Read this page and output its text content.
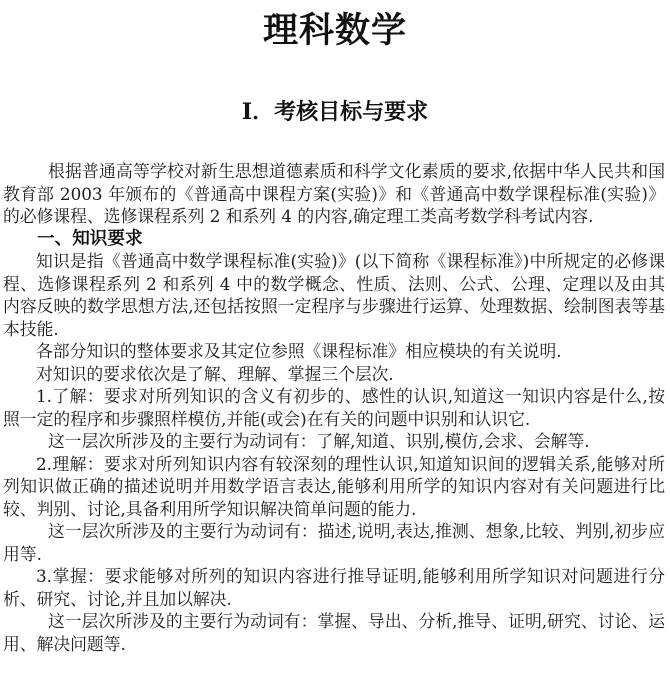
理科数学
Ⅰ．考核目标与要求

根据普通高等学校对新生思想道德素质和科学文化素质的要求,依据中华人民共和国教育部 2003 年颁布的《普通高中课程方案(实验)》和《普通高中数学课程标准(实验)》的必修课程、选修课程系列 2 和系列 4 的内容,确定理工类高考数学科考试内容.

一、知识要求

知识是指《普通高中数学课程标准(实验)》(以下简称《课程标准》)中所规定的必修课程、选修课程系列 2 和系列 4 中的数学概念、性质、法则、公式、公理、定理以及由其内容反映的数学思想方法,还包括按照一定程序与步骤进行运算、处理数据、绘制图表等基本技能.

各部分知识的整体要求及其定位参照《课程标准》相应模块的有关说明.

对知识的要求依次是了解、理解、掌握三个层次.

1.了解：要求对所列知识的含义有初步的、感性的认识,知道这一知识内容是什么,按照一定的程序和步骤照样模仿,并能(或会)在有关的问题中识别和认识它.

这一层次所涉及的主要行为动词有：了解,知道、识别,模仿,会求、会解等.

2.理解：要求对所列知识内容有较深刻的理性认识,知道知识间的逻辑关系,能够对所列知识做正确的描述说明并用数学语言表达,能够利用所学的知识内容对有关问题进行比较、判别、讨论,具备利用所学知识解决简单问题的能力.

这一层次所涉及的主要行为动词有：描述,说明,表达,推测、想象,比较、判别,初步应用等.

3.掌握：要求能够对所列的知识内容进行推导证明,能够利用所学知识对问题进行分析、研究、讨论,并且加以解决.

这一层次所涉及的主要行为动词有：掌握、导出、分析,推导、证明,研究、讨论、运用、解决问题等.
